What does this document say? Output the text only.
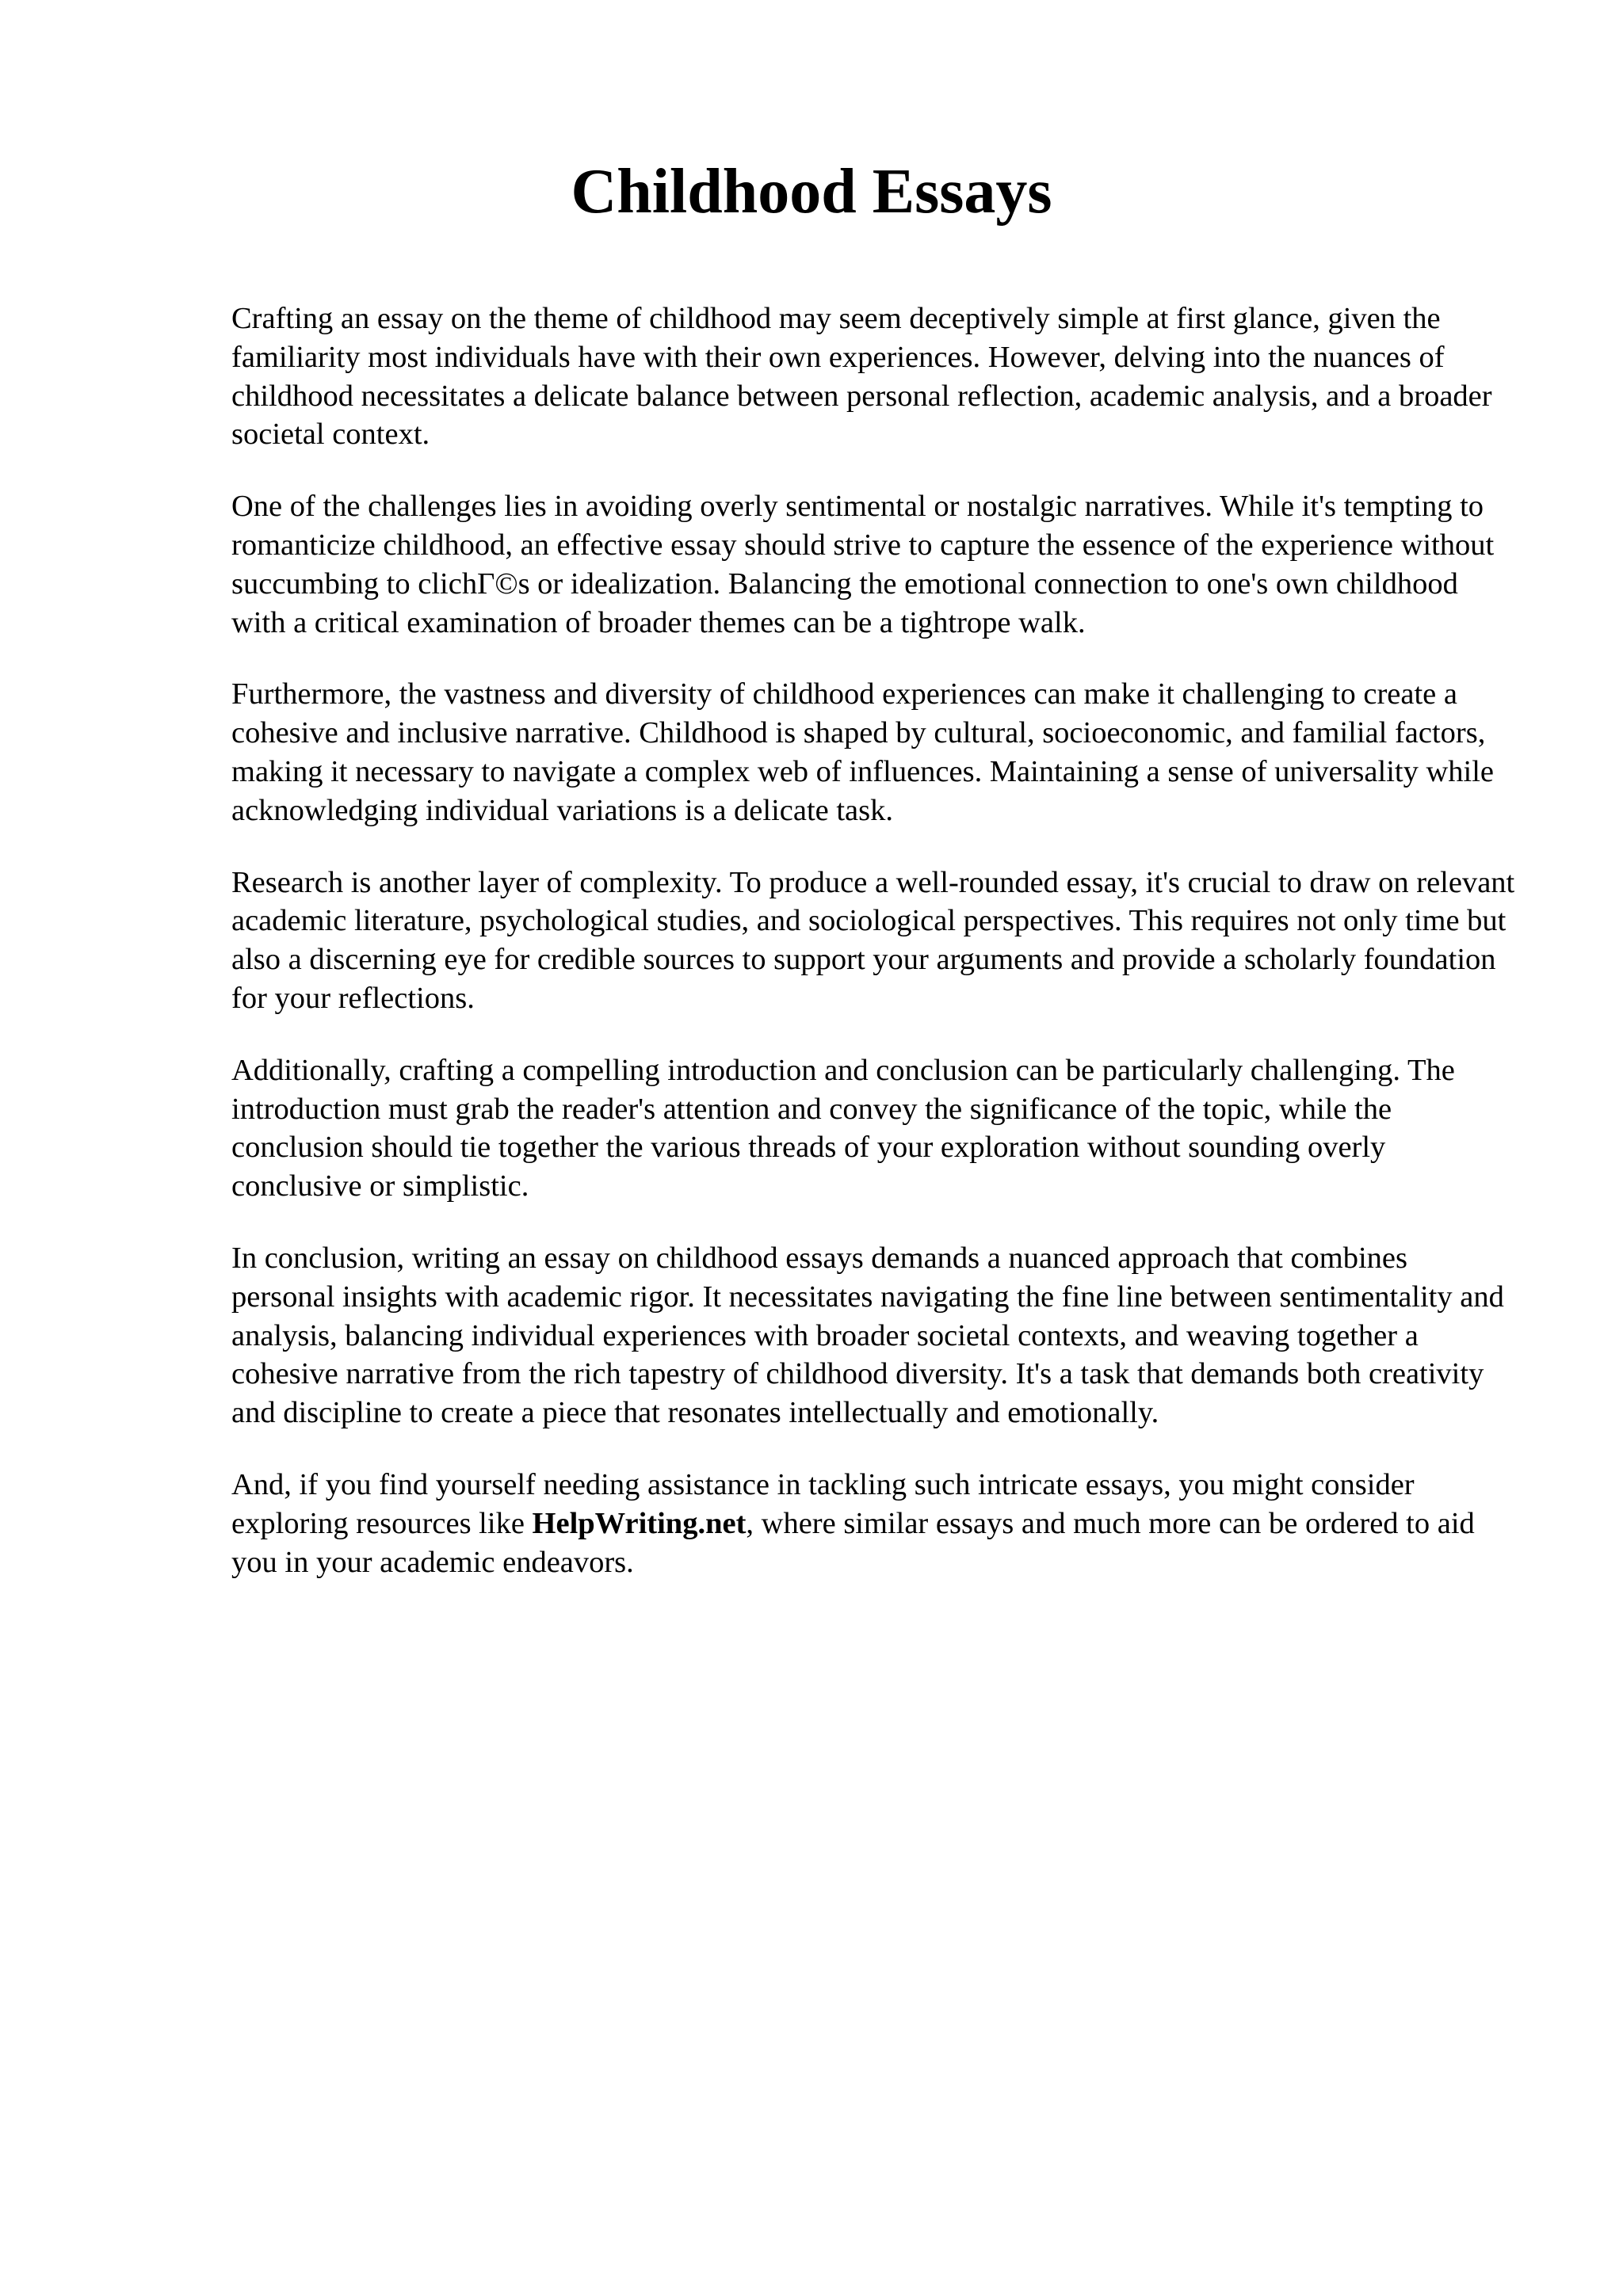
Childhood Essays

Crafting an essay on the theme of childhood may seem deceptively simple at first glance, given the familiarity most individuals have with their own experiences. However, delving into the nuances of childhood necessitates a delicate balance between personal reflection, academic analysis, and a broader societal context.

One of the challenges lies in avoiding overly sentimental or nostalgic narratives. While it's tempting to romanticize childhood, an effective essay should strive to capture the essence of the experience without succumbing to clichΓ©s or idealization. Balancing the emotional connection to one's own childhood with a critical examination of broader themes can be a tightrope walk.

Furthermore, the vastness and diversity of childhood experiences can make it challenging to create a cohesive and inclusive narrative. Childhood is shaped by cultural, socioeconomic, and familial factors, making it necessary to navigate a complex web of influences. Maintaining a sense of universality while acknowledging individual variations is a delicate task.

Research is another layer of complexity. To produce a well-rounded essay, it's crucial to draw on relevant academic literature, psychological studies, and sociological perspectives. This requires not only time but also a discerning eye for credible sources to support your arguments and provide a scholarly foundation for your reflections.

Additionally, crafting a compelling introduction and conclusion can be particularly challenging. The introduction must grab the reader's attention and convey the significance of the topic, while the conclusion should tie together the various threads of your exploration without sounding overly conclusive or simplistic.

In conclusion, writing an essay on childhood essays demands a nuanced approach that combines personal insights with academic rigor. It necessitates navigating the fine line between sentimentality and analysis, balancing individual experiences with broader societal contexts, and weaving together a cohesive narrative from the rich tapestry of childhood diversity. It's a task that demands both creativity and discipline to create a piece that resonates intellectually and emotionally.

And, if you find yourself needing assistance in tackling such intricate essays, you might consider exploring resources like HelpWriting.net, where similar essays and much more can be ordered to aid you in your academic endeavors.
